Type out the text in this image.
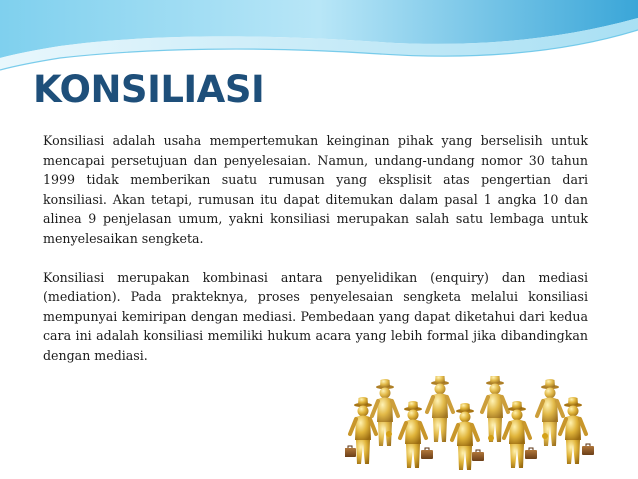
KONSILIASI

Konsiliasi adalah usaha mempertemukan keinginan pihak yang berselisih untuk mencapai persetujuan dan penyelesaian. Namun, undang-undang nomor 30 tahun 1999 tidak memberikan suatu rumusan yang eksplisit atas pengertian dari konsiliasi. Akan tetapi, rumusan itu dapat ditemukan dalam pasal 1 angka 10 dan alinea 9 penjelasan umum, yakni konsiliasi merupakan salah satu lembaga untuk menyelesaikan sengketa.

Konsiliasi merupakan kombinasi antara penyelidikan (enquiry) dan mediasi (mediation). Pada prakteknya, proses penyelesaian sengketa melalui konsiliasi mempunyai kemiripan dengan mediasi. Pembedaan yang dapat diketahui dari kedua cara ini adalah konsiliasi memiliki hukum acara yang lebih formal jika dibandingkan dengan mediasi.
